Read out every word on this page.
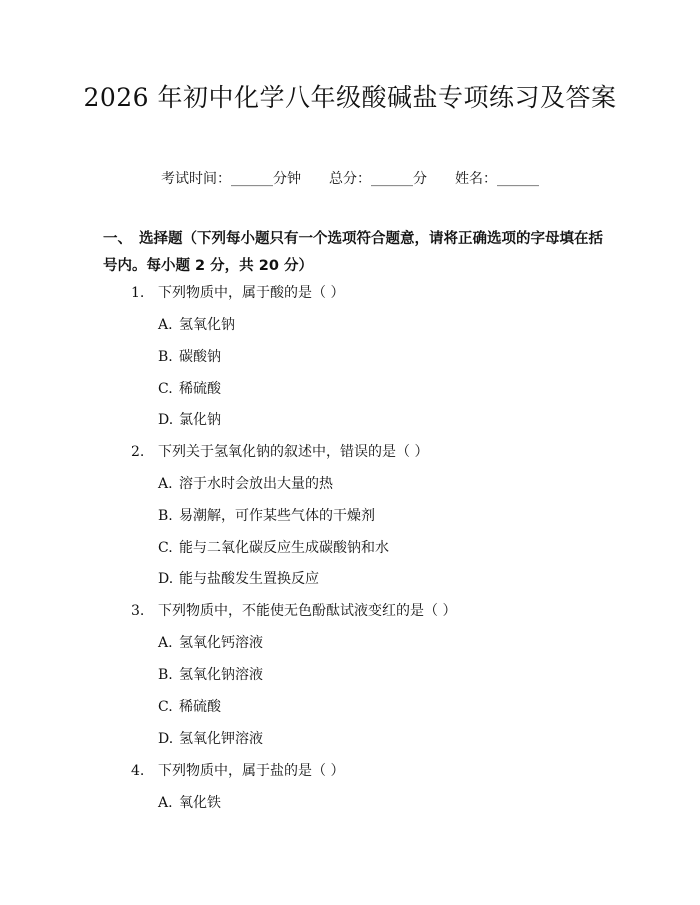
2026 年初中化学八年级酸碱盐专项练习及答案
考试时间：______分钟 总分：______分 姓名：______
一、 选择题（下列每小题只有一个选项符合题意，请将正确选项的字母填在括号内。每小题 2 分，共 20 分）
1. 下列物质中，属于酸的是（ ）
A. 氢氧化钠
B. 碳酸钠
C. 稀硫酸
D. 氯化钠
2. 下列关于氢氧化钠的叙述中，错误的是（ ）
A. 溶于水时会放出大量的热
B. 易潮解，可作某些气体的干燥剂
C. 能与二氧化碳反应生成碳酸钠和水
D. 能与盐酸发生置换反应
3. 下列物质中，不能使无色酚酞试液变红的是（ ）
A. 氢氧化钙溶液
B. 氢氧化钠溶液
C. 稀硫酸
D. 氢氧化钾溶液
4. 下列物质中，属于盐的是（ ）
A. 氧化铁
